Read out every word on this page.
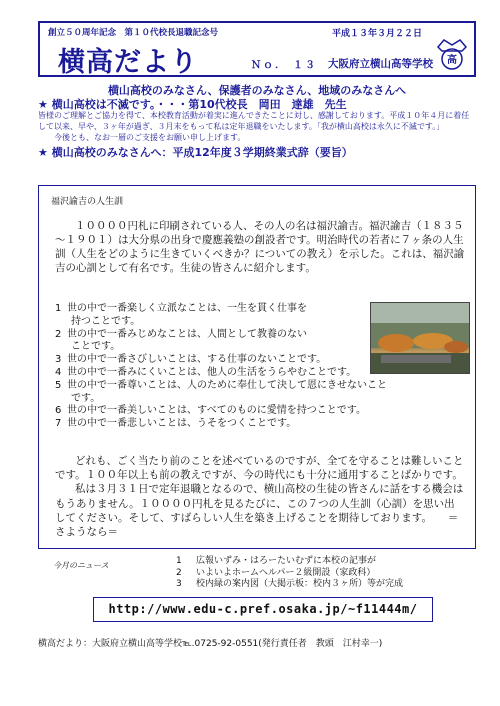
創立５０周年記念　第１０代校長退職記念号	平成１３年３月２２日
横高だより	Ｎｏ． １３ 大阪府立横山高等学校 高
横山高校のみなさん、保護者のみなさん、地域のみなさんへ
★ 横山高校は不滅です。・・・第10代校長　岡田　達雄　先生
皆様のご理解とご協力を得て、本校教育活動が着実に進んできたことに対し、感謝しております。平成１０年４月に着任して以来、早や、３ヶ年が過ぎ、３月末をもって私は定年退職をいたします。「我が横山高校は永久に不滅です。」
今後とも、なお一層のご支援をお願い申し上げます。
★ 横山高校のみなさんへ：平成12年度３学期終業式辞（要旨）
福沢諭吉の人生訓

１００００円札に印刷されている人、その人の名は福沢諭吉。福沢諭吉（１８３５～１９０１）は大分県の出身で慶應義塾の創設者です。明治時代の若者に７ヶ条の人生訓（人生をどのように生きていくべきか？についての教え）を示した。これは、福沢諭吉の心訓として有名です。生徒の皆さんに紹介します。

1 世の中で一番楽しく立派なことは、一生を貫く仕事を
持つことです。
2 世の中で一番みじめなことは、人間として教養のない
ことです。
3 世の中で一番さびしいことは、する仕事のないことです。
4 世の中で一番みにくいことは、他人の生活をうらやむことです。
5 世の中で一番尊いことは、人のために奉仕して決して恩にきせないこと
です。
6 世の中で一番美しいことは、すべてのものに愛情を持つことです。
7 世の中で一番悲しいことは、うそをつくことです。

どれも、ごく当たり前のことを述べているのですが、全てを守ることは難しいことです。１００年以上も前の教えですが、今の時代にも十分に通用することばかりです。

私は３月３１日で定年退職となるので、横山高校の生徒の皆さんに話をする機会はもうありません。１００００円札を見るたびに、この７つの人生訓（心訓）を思い出してください。そして、すばらしい人生を築き上げることを期待しております。　　＝さようなら＝

今月のニュース	1 広報いずみ・はろーたいむずに本校の記事が
2 いよいよホームヘルパー２級開設（家政科）
3 校内緑の案内図（大掲示板：校内３ヶ所）等が完成
http://www.edu-c.pref.osaka.jp/~f11444m/
横高だより：大阪府立横山高等学校℡.0725-92-0551(発行責任者　教頭　江村幸一)
